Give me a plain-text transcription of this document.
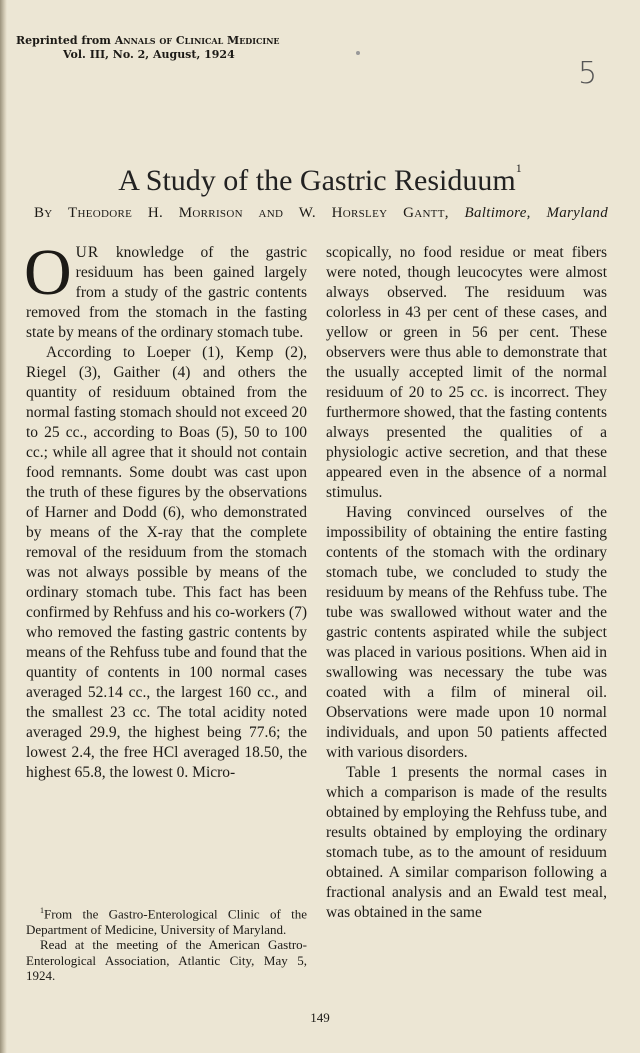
Reprinted from Annals of Clinical Medicine
Vol. III, No. 2, August, 1924
5
A Study of the Gastric Residuum$^1$
By Theodore H. Morrison and W. Horsley Gantt, Baltimore, Maryland

OUR knowledge of the gastric residuum has been gained largely from a study of the gastric contents removed from the stomach in the fasting state by means of the ordinary stomach tube.

According to Loeper (1), Kemp (2), Riegel (3), Gaither (4) and others the quantity of residuum obtained from the normal fasting stomach should not exceed 20 to 25 cc., according to Boas (5), 50 to 100 cc.; while all agree that it should not contain food remnants. Some doubt was cast upon the truth of these figures by the observations of Harner and Dodd (6), who demonstrated by means of the X-ray that the complete removal of the residuum from the stomach was not always possible by means of the ordinary stomach tube. This fact has been confirmed by Rehfuss and his co-workers (7) who removed the fasting gastric contents by means of the Rehfuss tube and found that the quantity of contents in 100 normal cases averaged 52.14 cc., the largest 160 cc., and the smallest 23 cc. The total acidity noted averaged 29.9, the highest being 77.6; the lowest 2.4, the free HCl averaged 18.50, the highest 65.8, the lowest 0. Micro-

$^1$From the Gastro-Enterological Clinic of the Department of Medicine, University of Maryland.

Read at the meeting of the American Gastro-Enterological Association, Atlantic City, May 5, 1924.

scopically, no food residue or meat fibers were noted, though leucocytes were almost always observed. The residuum was colorless in 43 per cent of these cases, and yellow or green in 56 per cent. These observers were thus able to demonstrate that the usually accepted limit of the normal residuum of 20 to 25 cc. is incorrect. They furthermore showed, that the fasting contents always presented the qualities of a physiologic active secretion, and that these appeared even in the absence of a normal stimulus.

Having convinced ourselves of the impossibility of obtaining the entire fasting contents of the stomach with the ordinary stomach tube, we concluded to study the residuum by means of the Rehfuss tube. The tube was swallowed without water and the gastric contents aspirated while the subject was placed in various positions. When aid in swallowing was necessary the tube was coated with a film of mineral oil. Observations were made upon 10 normal individuals, and upon 50 patients affected with various disorders.

Table 1 presents the normal cases in which a comparison is made of the results obtained by employing the Rehfuss tube, and results obtained by employing the ordinary stomach tube, as to the amount of residuum obtained. A similar comparison following a fractional analysis and an Ewald test meal, was obtained in the same

149
